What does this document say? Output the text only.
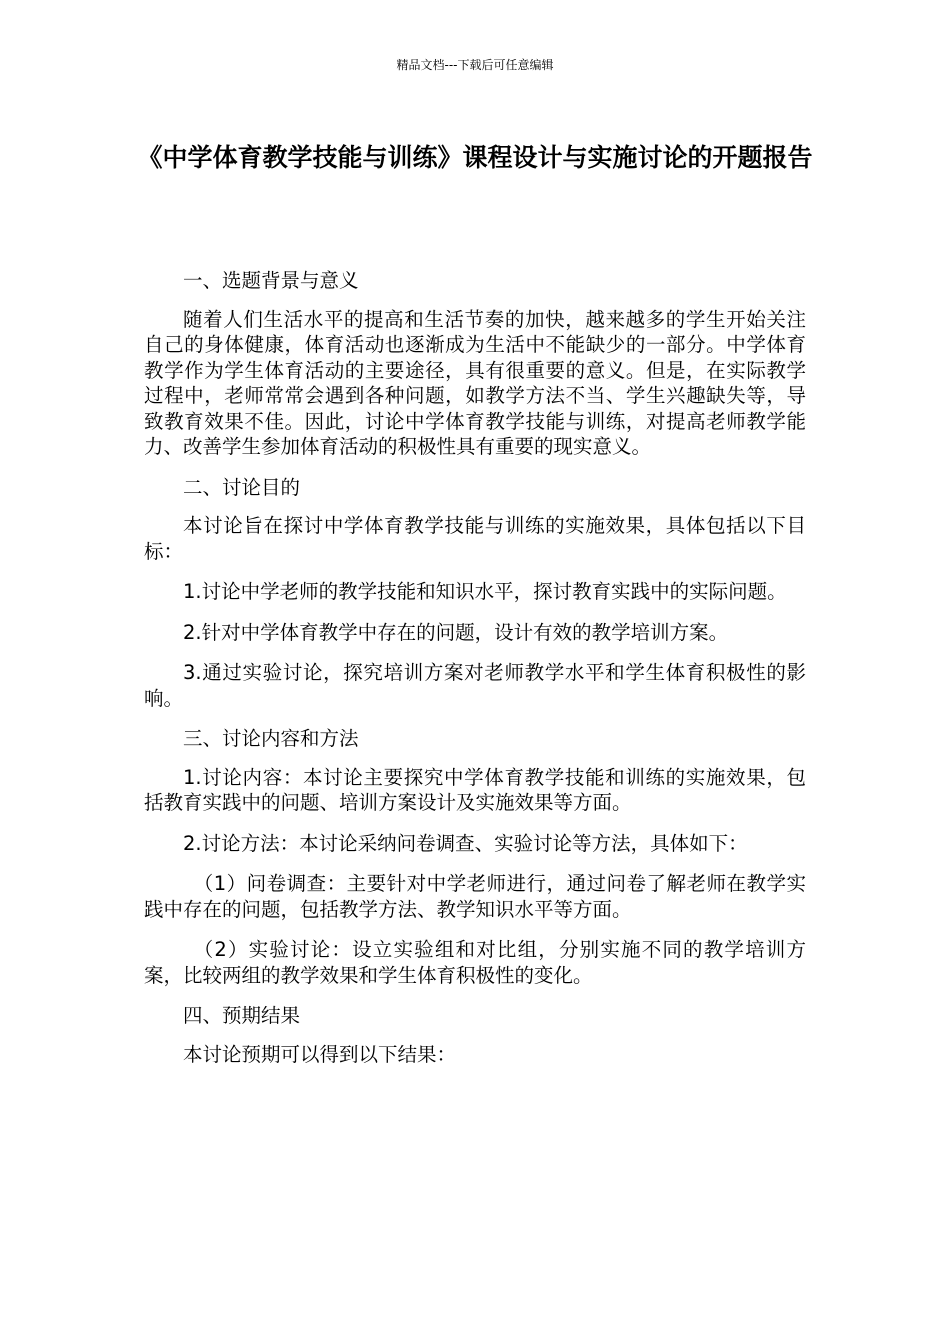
精品文档---下载后可任意编辑
《中学体育教学技能与训练》课程设计与实施讨论的开题报告

一、选题背景与意义

随着人们生活水平的提高和生活节奏的加快，越来越多的学生开始关注自己的身体健康，体育活动也逐渐成为生活中不能缺少的一部分。中学体育教学作为学生体育活动的主要途径，具有很重要的意义。但是，在实际教学过程中，老师常常会遇到各种问题，如教学方法不当、学生兴趣缺失等，导致教育效果不佳。因此，讨论中学体育教学技能与训练，对提高老师教学能力、改善学生参加体育活动的积极性具有重要的现实意义。

二、讨论目的

本讨论旨在探讨中学体育教学技能与训练的实施效果，具体包括以下目标：

1.讨论中学老师的教学技能和知识水平，探讨教育实践中的实际问题。

2.针对中学体育教学中存在的问题，设计有效的教学培训方案。

3.通过实验讨论，探究培训方案对老师教学水平和学生体育积极性的影响。

三、讨论内容和方法

1.讨论内容：本讨论主要探究中学体育教学技能和训练的实施效果，包括教育实践中的问题、培训方案设计及实施效果等方面。

2.讨论方法：本讨论采纳问卷调查、实验讨论等方法，具体如下：

（1）问卷调查：主要针对中学老师进行，通过问卷了解老师在教学实践中存在的问题，包括教学方法、教学知识水平等方面。

（2）实验讨论：设立实验组和对比组，分别实施不同的教学培训方案，比较两组的教学效果和学生体育积极性的变化。

四、预期结果

本讨论预期可以得到以下结果：
